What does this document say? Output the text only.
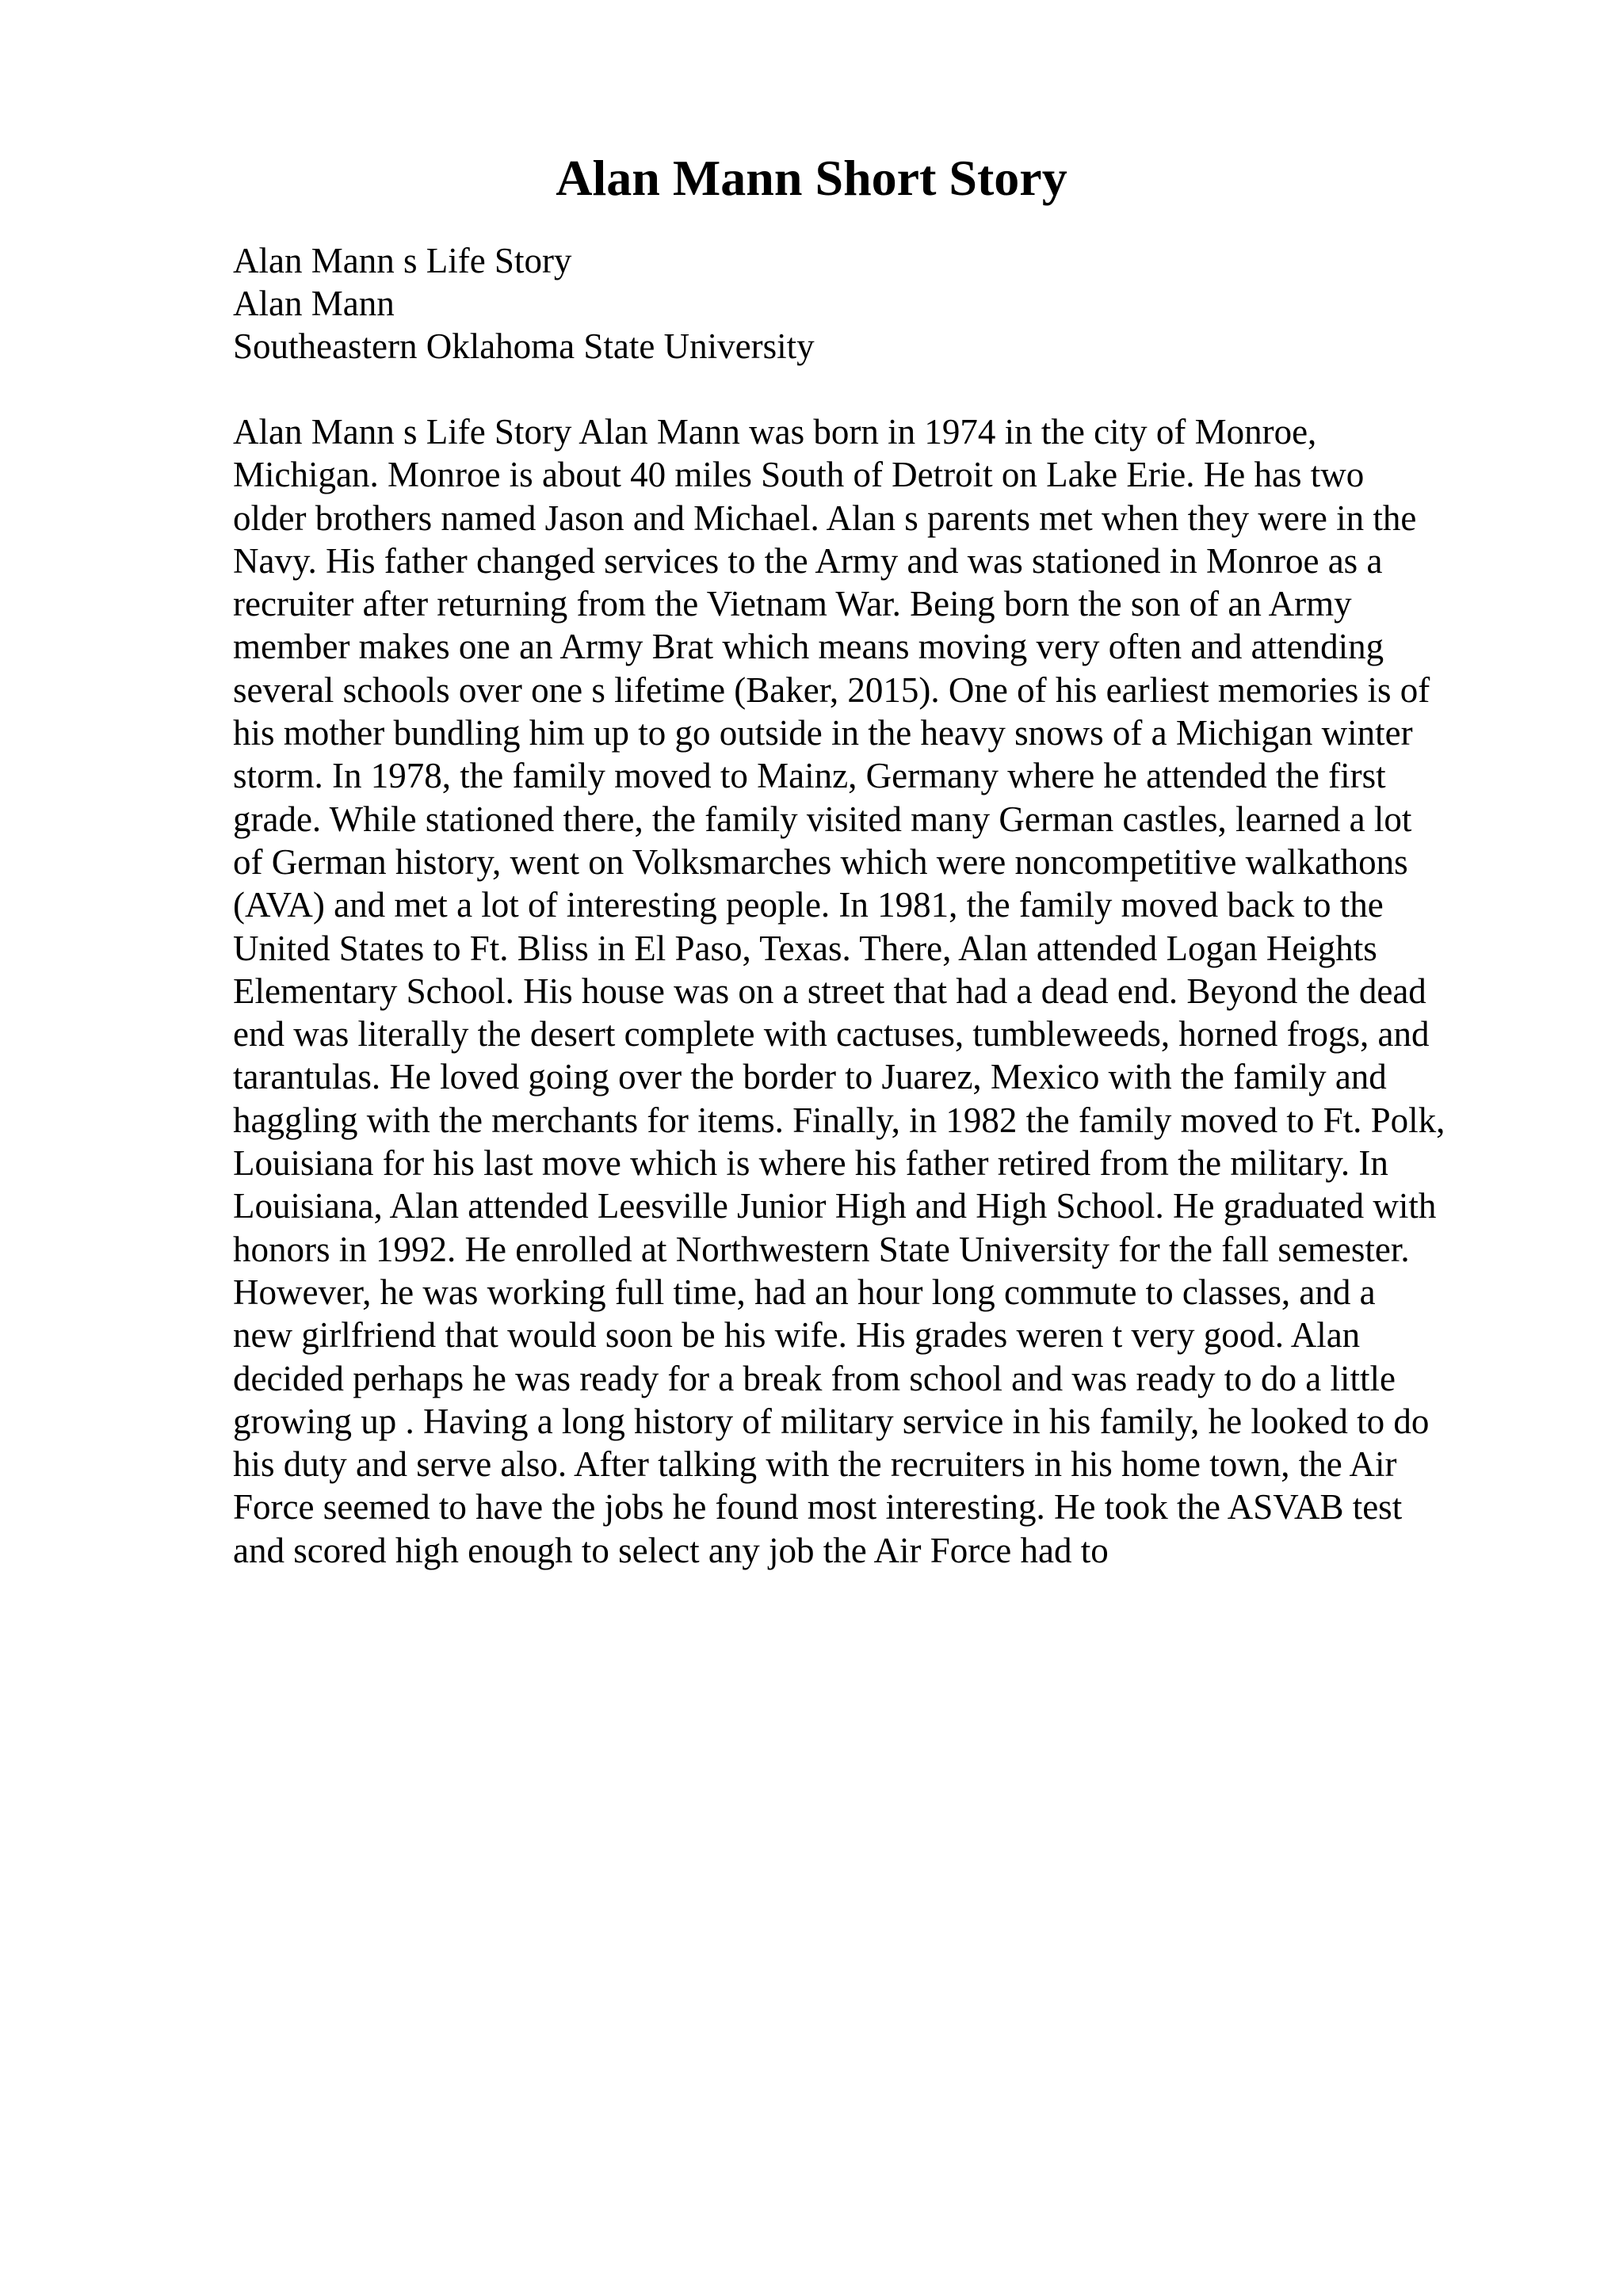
Alan Mann Short Story
Alan Mann s Life Story
Alan Mann
Southeastern Oklahoma State University
Alan Mann s Life Story Alan Mann was born in 1974 in the city of Monroe,
Michigan. Monroe is about 40 miles South of Detroit on Lake Erie. He has two
older brothers named Jason and Michael. Alan s parents met when they were in the
Navy. His father changed services to the Army and was stationed in Monroe as a
recruiter after returning from the Vietnam War. Being born the son of an Army
member makes one an Army Brat which means moving very often and attending
several schools over one s lifetime (Baker, 2015). One of his earliest memories is of
his mother bundling him up to go outside in the heavy snows of a Michigan winter
storm. In 1978, the family moved to Mainz, Germany where he attended the first
grade. While stationed there, the family visited many German castles, learned a lot
of German history, went on Volksmarches which were noncompetitive walkathons
(AVA) and met a lot of interesting people. In 1981, the family moved back to the
United States to Ft. Bliss in El Paso, Texas. There, Alan attended Logan Heights
Elementary School. His house was on a street that had a dead end. Beyond the dead
end was literally the desert complete with cactuses, tumbleweeds, horned frogs, and
tarantulas. He loved going over the border to Juarez, Mexico with the family and
haggling with the merchants for items. Finally, in 1982 the family moved to Ft. Polk,
Louisiana for his last move which is where his father retired from the military. In
Louisiana, Alan attended Leesville Junior High and High School. He graduated with
honors in 1992. He enrolled at Northwestern State University for the fall semester.
However, he was working full time, had an hour long commute to classes, and a
new girlfriend that would soon be his wife. His grades weren t very good. Alan
decided perhaps he was ready for a break from school and was ready to do a little
growing up . Having a long history of military service in his family, he looked to do
his duty and serve also. After talking with the recruiters in his home town, the Air
Force seemed to have the jobs he found most interesting. He took the ASVAB test
and scored high enough to select any job the Air Force had to
